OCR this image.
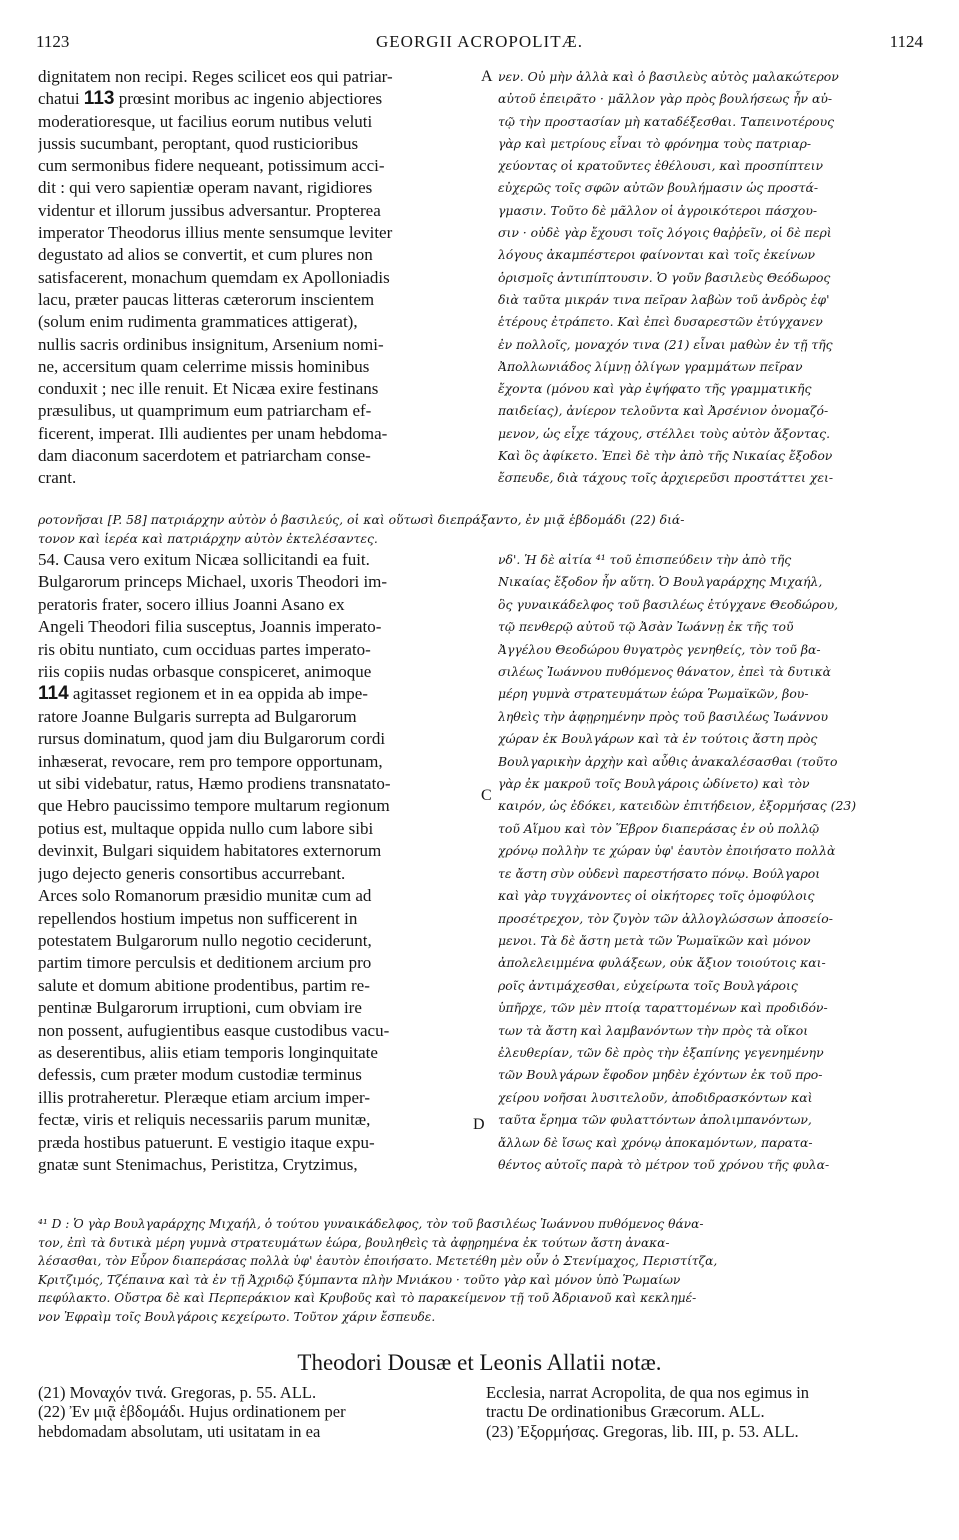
1123	GEORGII ACROPOLITÆ.	1124
A
C
D
dignitatem non recipi. Reges scilicet eos qui patriar-
chatui 113 prœsint moribus ac ingenio abjectiores
moderatioresque, ut facilius eorum nutibus veluti
jussis sucumbant, peroptant, quod rusticioribus
cum sermonibus fidere nequeant, potissimum acci-
dit : qui vero sapientiæ operam navant, rigidiores
videntur et illorum jussibus adversantur. Propterea
imperator Theodorus illius mente sensumque leviter
degustato ad alios se convertit, et cum plures non
satisfacerent, monachum quemdam ex Apolloniadis
lacu, præter paucas litteras cæterorum inscientem
(solum enim rudimenta grammatices attigerat),
nullis sacris ordinibus insignitum, Arsenium nomi-
ne, accersitum quam celerrime missis hominibus
conduxit ; nec ille renuit. Et Nicæa exire festinans
præsulibus, ut quamprimum eum patriarcham ef-
ficerent, imperat. Illi audientes per unam hebdoma-
dam diaconum sacerdotem et patriarcham conse-
crant.
νεν. Οὐ μὴν ἀλλὰ καὶ ὁ βασιλεὺς αὐτὸς μαλακώτερον
αὐτοῦ ἐπειρᾶτο · μᾶλλον γὰρ πρὸς βουλήσεως ἦν αὐ-
τῷ τὴν προστασίαν μὴ καταδέξεσθαι. Ταπεινοτέρους
γὰρ καὶ μετρίους εἶναι τὸ φρόνημα τοὺς πατριαρ-
χεύοντας οἱ κρατοῦντες ἐθέλουσι, καὶ προσπίπτειν
εὐχερῶς τοῖς σφῶν αὐτῶν βουλήμασιν ὡς προστά-
γμασιν. Τοῦτο δὲ μᾶλλον οἱ ἀγροικότεροι πάσχου-
σιν · οὐδὲ γὰρ ἔχουσι τοῖς λόγοις θαῤῥεῖν, οἱ δὲ περὶ
λόγους ἀκαμπέστεροι φαίνονται καὶ τοῖς ἐκείνων
ὁρισμοῖς ἀντιπίπτουσιν. Ὁ γοῦν βασιλεὺς Θεόδωρος
διὰ ταῦτα μικράν τινα πεῖραν λαβὼν τοῦ ἀνδρὸς ἐφ'
ἑτέρους ἐτράπετο. Καὶ ἐπεὶ δυσαρεστῶν ἐτύγχανεν
ἐν πολλοῖς, μοναχόν τινα (21) εἶναι μαθὼν ἐν τῇ τῆς
Ἀπολλωνιάδος λίμνῃ ὀλίγων γραμμάτων πεῖραν
ἔχοντα (μόνου καὶ γὰρ ἐψήφατο τῆς γραμματικῆς
παιδείας), ἀνίερον τελοῦντα καὶ Ἀρσένιον ὀνομαζό-
μενον, ὡς εἶχε τάχους, στέλλει τοὺς αὐτὸν ἄξοντας.
Καὶ ὃς ἀφίκετο. Ἐπεὶ δὲ τὴν ἀπὸ τῆς Νικαίας ἔξοδον
ἔσπευδε, διὰ τάχους τοῖς ἀρχιερεῦσι προστάττει χει-
ροτονῆσαι [P. 58] πατριάρχην αὐτὸν ὁ βασιλεύς, οἱ καὶ οὕτωσὶ διεπράξαντο, ἐν μιᾷ ἑβδομάδι (22) διά-
τονον καὶ ἱερέα καὶ πατριάρχην αὐτὸν ἐκτελέσαντες.
54. Causa vero exitum Nicæa sollicitandi ea fuit.
Bulgarorum princeps Michael, uxoris Theodori im-
peratoris frater, socero illius Joanni Asano ex
Angeli Theodori filia susceptus, Joannis imperato-
ris obitu nuntiato, cum occiduas partes imperato-
riis copiis nudas orbasque conspiceret, animoque
114 agitasset regionem et in ea oppida ab impe-
ratore Joanne Bulgaris surrepta ad Bulgarorum
rursus dominatum, quod jam diu Bulgarorum cordi
inhæserat, revocare, rem pro tempore opportunam,
ut sibi videbatur, ratus, Hæmo prodiens transnatato-
que Hebro paucissimo tempore multarum regionum
potius est, multaque oppida nullo cum labore sibi
devinxit, Bulgari siquidem habitatores externorum
jugo dejecto generis consortibus accurrebant.
Arces solo Romanorum præsidio munitæ cum ad
repellendos hostium impetus non sufficerent in
potestatem Bulgarorum nullo negotio ceciderunt,
partim timore perculsis et deditionem arcium pro
salute et domum abitione prodentibus, partim re-
pentinæ Bulgarorum irruptioni, cum obviam ire
non possent, aufugientibus easque custodibus vacu-
as deserentibus, aliis etiam temporis longinquitate
defessis, cum præter modum custodiæ terminus
illis protraheretur. Pleræque etiam arcium imper-
fectæ, viris et reliquis necessariis parum munitæ,
præda hostibus patuerunt. E vestigio itaque expu-
gnatæ sunt Stenimachus, Peristitza, Crytzimus,
νδ'. Ἡ δὲ αἰτία ⁴¹ τοῦ ἐπισπεύδειν τὴν ἀπὸ τῆς
Νικαίας ἔξοδον ἦν αὕτη. Ὁ Βουλγαράρχης Μιχαήλ,
ὃς γυναικάδελφος τοῦ βασιλέως ἐτύγχανε Θεοδώρου,
τῷ πενθερῷ αὐτοῦ τῷ Ἀσὰν Ἰωάννῃ ἐκ τῆς τοῦ
Ἀγγέλου Θεοδώρου θυγατρὸς γενηθείς, τὸν τοῦ βα-
σιλέως Ἰωάννου πυθόμενος θάνατον, ἐπεὶ τὰ δυτικὰ
μέρη γυμνὰ στρατευμάτων ἑώρα Ῥωμαϊκῶν, βου-
ληθεὶς τὴν ἀφῃρημένην πρὸς τοῦ βασιλέως Ἰωάννου
χώραν ἐκ Βουλγάρων καὶ τὰ ἐν τούτοις ἄστη πρὸς
Βουλγαρικὴν ἀρχὴν καὶ αὖθις ἀνακαλέσασθαι (τοῦτο
γὰρ ἐκ μακροῦ τοῖς Βουλγάροις ὠδίνετο) καὶ τὸν
καιρόν, ὡς ἐδόκει, κατειδὼν ἐπιτήδειον, ἐξορμήσας (23)
τοῦ Αἵμου καὶ τὸν Ἕβρον διαπεράσας ἐν οὐ πολλῷ
χρόνῳ πολλὴν τε χώραν ὑφ' ἑαυτὸν ἐποιήσατο πολλὰ
τε ἄστη σὺν οὐδενὶ παρεστήσατο πόνῳ. Βούλγαροι
καὶ γὰρ τυγχάνοντες οἱ οἰκήτορες τοῖς ὁμοφύλοις
προσέτρεχον, τὸν ζυγὸν τῶν ἀλλογλώσσων ἀποσείο-
μενοι. Τὰ δὲ ἄστη μετὰ τῶν Ῥωμαϊκῶν καὶ μόνον
ἀπολελειμμένα φυλάξεων, οὐκ ἄξιον τοιούτοις και-
ροῖς ἀντιμάχεσθαι, εὐχείρωτα τοῖς Βουλγάροις
ὑπῆρχε, τῶν μὲν πτοίᾳ ταραττομένων καὶ προδιδόν-
των τὰ ἄστη καὶ λαμβανόντων τὴν πρὸς τὰ οἴκοι
ἐλευθερίαν, τῶν δὲ πρὸς τὴν ἐξαπίνης γεγενημένην
τῶν Βουλγάρων ἔφοδον μηδὲν ἐχόντων ἐκ τοῦ προ-
χείρου νοῆσαι λυσιτελοῦν, ἀποδιδρασκόντων καὶ
ταῦτα ἔρημα τῶν φυλαττόντων ἀπολιμπανόντων,
ἄλλων δὲ ἴσως καὶ χρόνῳ ἀποκαμόντων, παρατα-
θέντος αὐτοῖς παρὰ τὸ μέτρον τοῦ χρόνου τῆς φυλα-
⁴¹ D : Ὁ γὰρ Βουλγαράρχης Μιχαήλ, ὁ τούτου γυναικάδελφος, τὸν τοῦ βασιλέως Ἰωάννου πυθόμενος θάνα-
τον, ἐπὶ τὰ δυτικὰ μέρη γυμνὰ στρατευμάτων ἑώρα, βουληθεὶς τὰ ἀφῃρημένα ἐκ τούτων ἄστη ἀνακα-
λέσασθαι, τὸν Εὗρον διαπεράσας πολλὰ ὑφ' ἑαυτὸν ἐποιήσατο. Μετετέθη μὲν οὖν ὁ Στενίμαχος, Περιστίτζα,
Κριτζιμός, Τζέπαινα καὶ τὰ ἐν τῇ Ἀχριδῷ ξύμπαντα πλὴν Μνιάκου · τοῦτο γὰρ καὶ μόνον ὑπὸ Ῥωμαίων
πεφύλακτο. Οὔστρα δὲ καὶ Περπεράκιον καὶ Κρυβοῦς καὶ τὸ παρακείμενον τῇ τοῦ Ἀδριανοῦ καὶ κεκλημέ-
νον Ἐφραὶμ τοῖς Βουλγάροις κεχείρωτο. Τοῦτον χάριν ἔσπευδε.
Theodori Dousæ et Leonis Allatii notæ.
(21) Μοναχόν τινά. Gregoras, p. 55. ALL.
(22) Ἐν μιᾷ ἑβδομάδι. Hujus ordinationem per
hebdomadam absolutam, uti usitatam in ea
Ecclesia, narrat Acropolita, de qua nos egimus in
tractu De ordinationibus Græcorum. ALL.
(23) Ἐξορμήσας. Gregoras, lib. III, p. 53. ALL.
